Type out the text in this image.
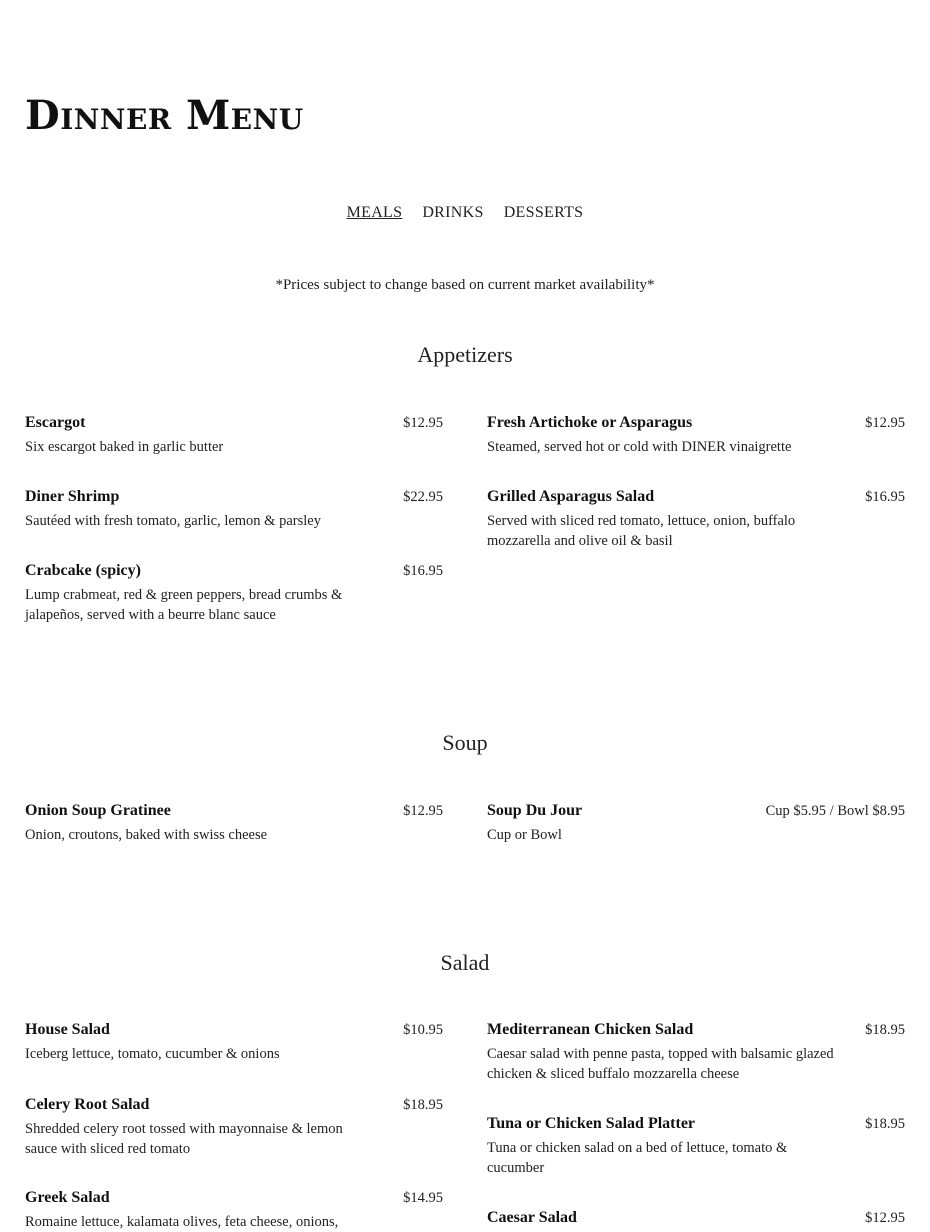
Dinner Menu
MEALS DRINKS DESSERTS
*Prices subject to change based on current market availability*
Appetizers
Escargot	$12.95
Six escargot baked in garlic butter
Fresh Artichoke or Asparagus	$12.95
Steamed, served hot or cold with DINER vinaigrette
Diner Shrimp	$22.95
Sautéed with fresh tomato, garlic, lemon & parsley
Grilled Asparagus Salad	$16.95
Served with sliced red tomato, lettuce, onion, buffalo mozzarella and olive oil & basil
Crabcake (spicy)	$16.95
Lump crabmeat, red & green peppers, bread crumbs & jalapeños, served with a beurre blanc sauce
Soup
Onion Soup Gratinee	$12.95
Onion, croutons, baked with swiss cheese
Soup Du Jour	Cup $5.95 / Bowl $8.95
Cup or Bowl
Salad
House Salad	$10.95
Iceberg lettuce, tomato, cucumber & onions
Mediterranean Chicken Salad	$18.95
Caesar salad with penne pasta, topped with balsamic glazed chicken & sliced buffalo mozzarella cheese
Celery Root Salad	$18.95
Shredded celery root tossed with mayonnaise & lemon sauce with sliced red tomato
Tuna or Chicken Salad Platter	$18.95
Tuna or chicken salad on a bed of lettuce, tomato & cucumber
Greek Salad	$14.95
Romaine lettuce, kalamata olives, feta cheese, onions,	Caesar Salad	$12.95
